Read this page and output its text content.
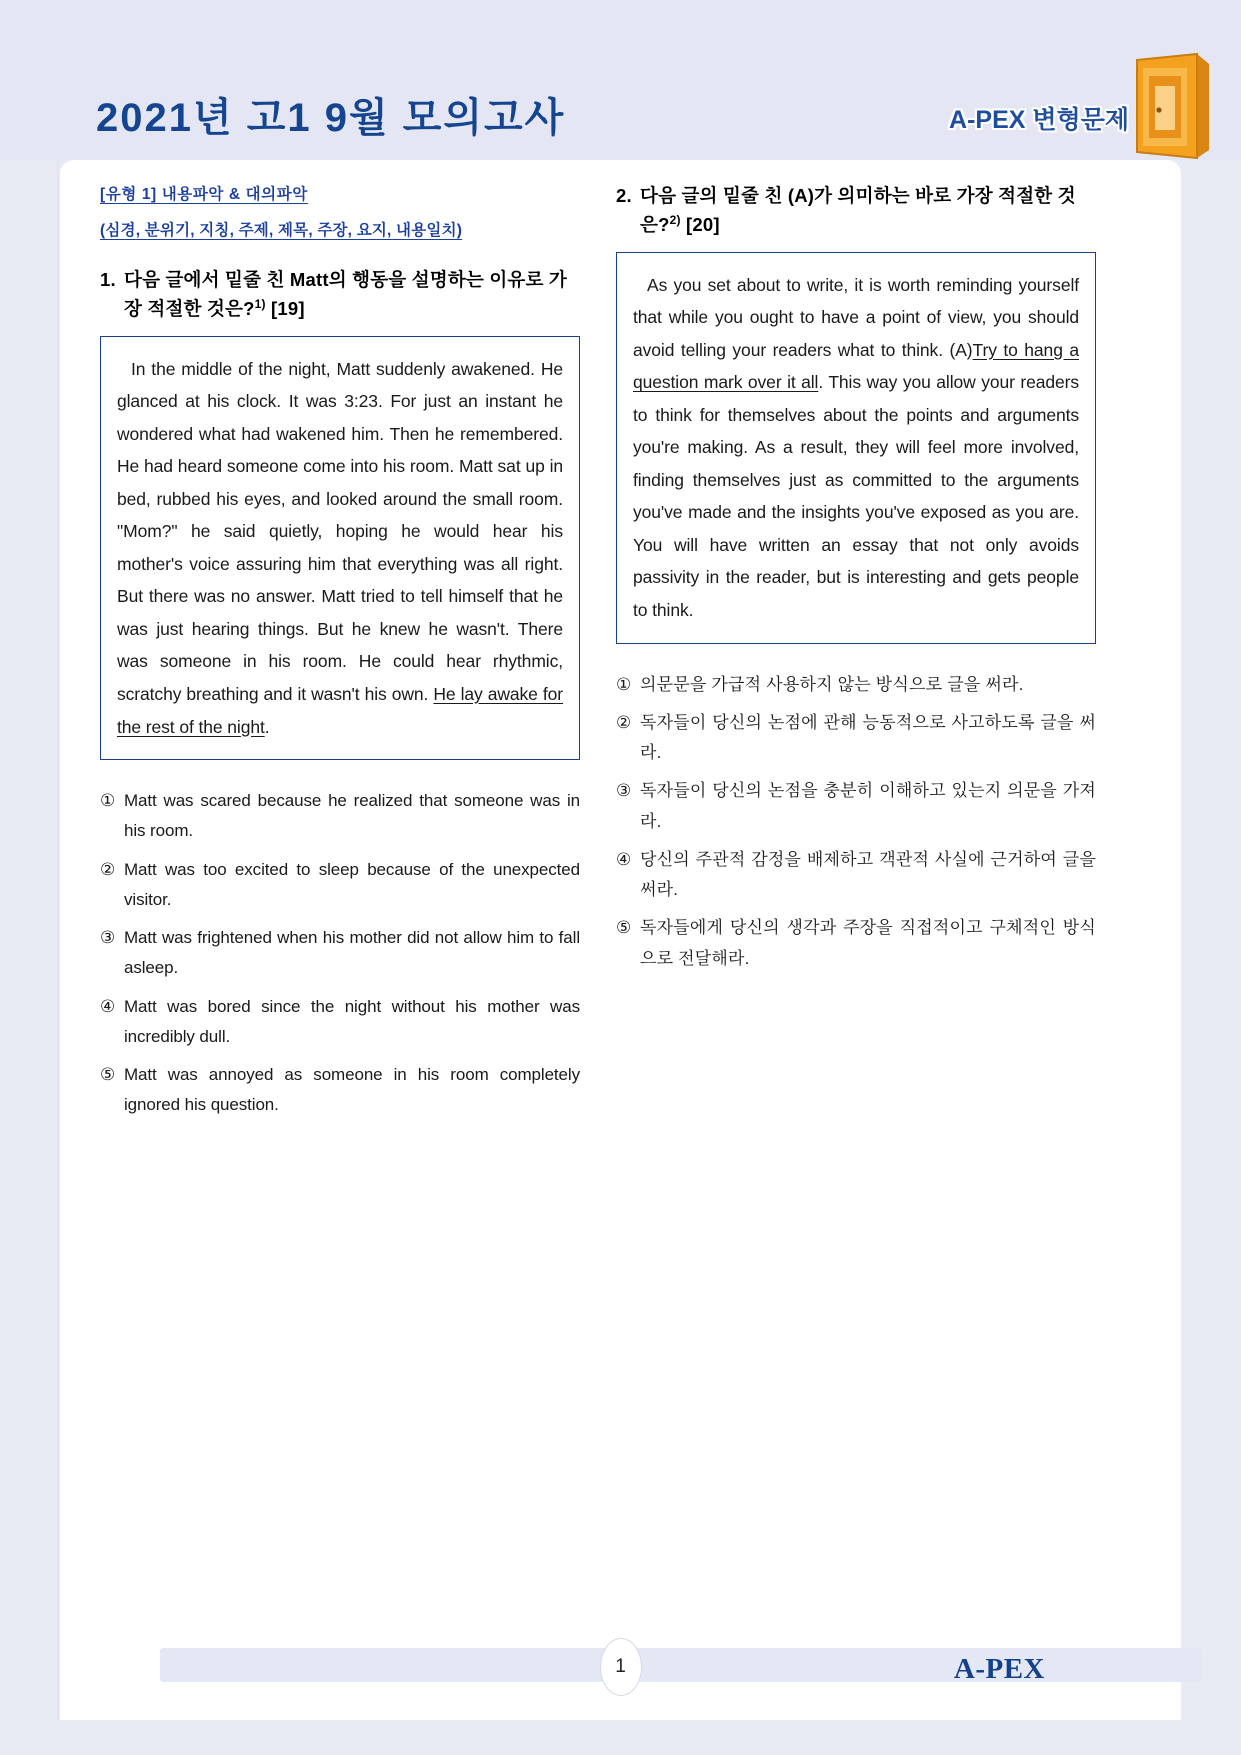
2021년 고1 9월 모의고사	A-PEX 변형문제
[유형 1] 내용파악 & 대의파악
(심경, 분위기, 지칭, 주제, 제목, 주장, 요지, 내용일치)
1. 다음 글에서 밑줄 친 Matt의 행동을 설명하는 이유로 가장 적절한 것은?$^{1)}$ [19]

In the middle of the night, Matt suddenly awakened. He glanced at his clock. It was 3:23. For just an instant he wondered what had wakened him. Then he remembered. He had heard someone come into his room. Matt sat up in bed, rubbed his eyes, and looked around the small room. "Mom?" he said quietly, hoping he would hear his mother's voice assuring him that everything was all right. But there was no answer. Matt tried to tell himself that he was just hearing things. But he knew he wasn't. There was someone in his room. He could hear rhythmic, scratchy breathing and it wasn't his own. He lay awake for the rest of the night.

① Matt was scared because he realized that someone was in his room.
② Matt was too excited to sleep because of the unexpected visitor.
③ Matt was frightened when his mother did not allow him to fall asleep.
④ Matt was bored since the night without his mother was incredibly dull.
⑤ Matt was annoyed as someone in his room completely ignored his question.
2. 다음 글의 밑줄 친 (A)가 의미하는 바로 가장 적절한 것은?$^{2)}$ [20]

As you set about to write, it is worth reminding yourself that while you ought to have a point of view, you should avoid telling your readers what to think. (A)Try to hang a question mark over it all. This way you allow your readers to think for themselves about the points and arguments you're making. As a result, they will feel more involved, finding themselves just as committed to the arguments you've made and the insights you've exposed as you are. You will have written an essay that not only avoids passivity in the reader, but is interesting and gets people to think.

① 의문문을 가급적 사용하지 않는 방식으로 글을 써라.
② 독자들이 당신의 논점에 관해 능동적으로 사고하도록 글을 써라.
③ 독자들이 당신의 논점을 충분히 이해하고 있는지 의문을 가져라.
④ 당신의 주관적 감정을 배제하고 객관적 사실에 근거하여 글을 써라.
⑤ 독자들에게 당신의 생각과 주장을 직접적이고 구체적인 방식으로 전달해라.
1	A-PEX
